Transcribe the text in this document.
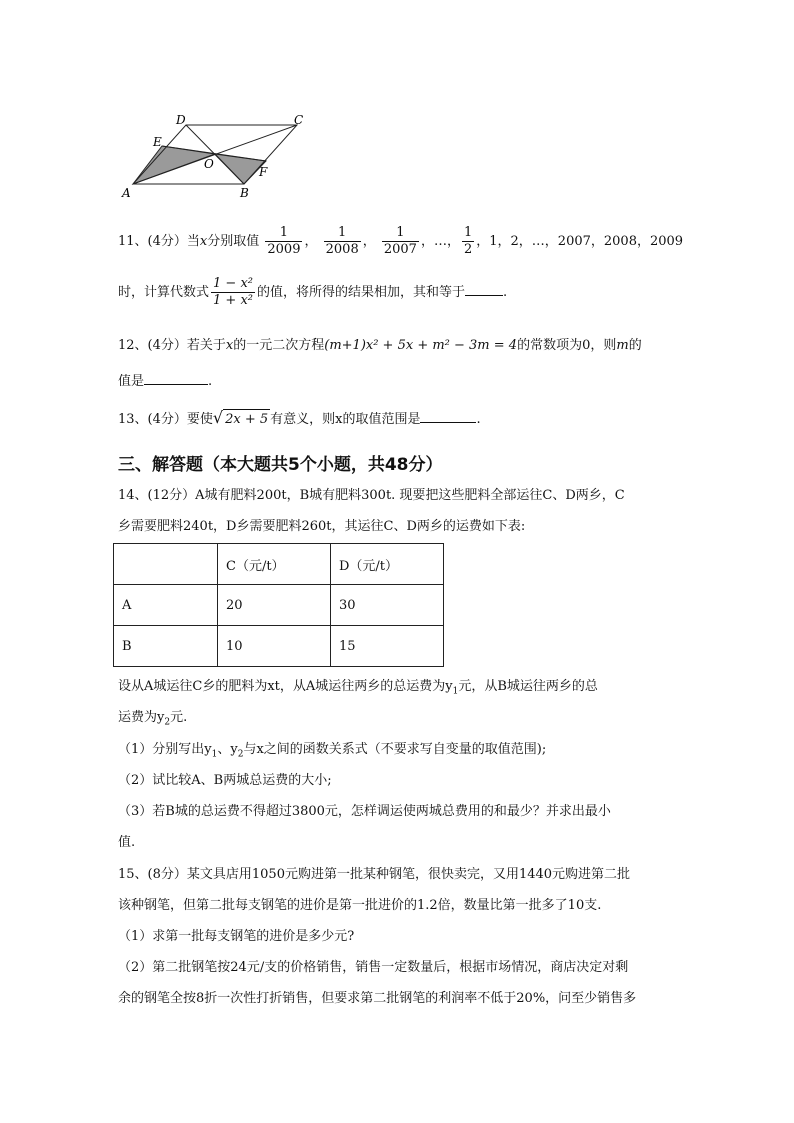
D	C
E
O
F
A	B
11、(4分）当x分别取值 $\frac{1}{2009}$ ， $\frac{1}{2008}$ ， $\frac{1}{2007}$ ，…， $\frac{1}{2}$ ，1，2，…，2007，2008，2009
时，计算代数式 $\frac{\text{1 − x²}}{\text{1 + x²}}$ 的值，将所得的结果相加，其和等于	.
12、(4分）若关于x的一元二次方程(m+1)x² + 5x + m² − 3m = 4的常数项为0，则m的
值是	.
13、(4分）要使√ 2x + 5 有意义，则x的取值范围是	.
三、解答题（本大题共5个小题，共48分）
14、(12分）A城有肥料200t，B城有肥料300t. 现要把这些肥料全部运往C、D两乡，C
乡需要肥料240t，D乡需要肥料260t，其运往C、D两乡的运费如下表:
	C（元/t）	D（元/t）
A	20	30
B	10	15
设从A城运往C乡的肥料为xt，从A城运往两乡的总运费为$y_1$元，从B城运往两乡的总
运费为$y_2$元.
（1）分别写出$y_1$、$y_2$与x之间的函数关系式（不要求写自变量的取值范围);
（2）试比较A、B两城总运费的大小;
（3）若B城的总运费不得超过3800元，怎样调运使两城总费用的和最少？并求出最小
值.
15、(8分）某文具店用1050元购进第一批某种钢笔，很快卖完，又用1440元购进第二批
该种钢笔，但第二批每支钢笔的进价是第一批进价的1.2倍，数量比第一批多了10支.
（1）求第一批每支钢笔的进价是多少元?
（2）第二批钢笔按24元/支的价格销售，销售一定数量后，根据市场情况，商店决定对剩
余的钢笔全按8折一次性打折销售，但要求第二批钢笔的利润率不低于20%，问至少销售多
